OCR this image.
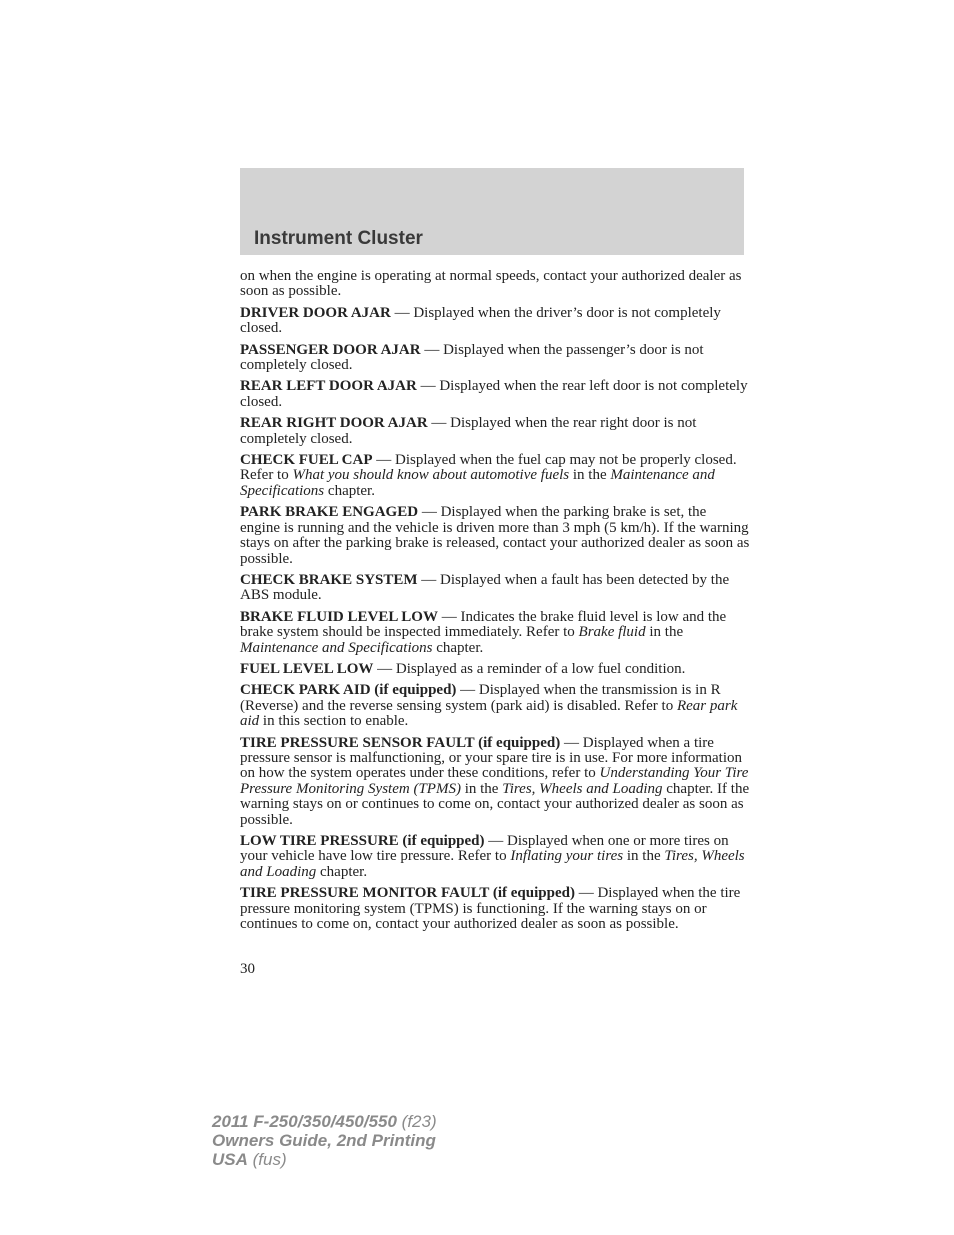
Instrument Cluster

on when the engine is operating at normal speeds, contact your authorized dealer as soon as possible.

DRIVER DOOR AJAR — Displayed when the driver’s door is not completely closed.

PASSENGER DOOR AJAR — Displayed when the passenger’s door is not completely closed.

REAR LEFT DOOR AJAR — Displayed when the rear left door is not completely closed.

REAR RIGHT DOOR AJAR — Displayed when the rear right door is not completely closed.

CHECK FUEL CAP — Displayed when the fuel cap may not be properly closed. Refer to What you should know about automotive fuels in the Maintenance and Specifications chapter.

PARK BRAKE ENGAGED — Displayed when the parking brake is set, the engine is running and the vehicle is driven more than 3 mph (5 km/h). If the warning stays on after the parking brake is released, contact your authorized dealer as soon as possible.

CHECK BRAKE SYSTEM — Displayed when a fault has been detected by the ABS module.

BRAKE FLUID LEVEL LOW — Indicates the brake fluid level is low and the brake system should be inspected immediately. Refer to Brake fluid in the Maintenance and Specifications chapter.

FUEL LEVEL LOW — Displayed as a reminder of a low fuel condition.

CHECK PARK AID (if equipped) — Displayed when the transmission is in R (Reverse) and the reverse sensing system (park aid) is disabled. Refer to Rear park aid in this section to enable.

TIRE PRESSURE SENSOR FAULT (if equipped) — Displayed when a tire pressure sensor is malfunctioning, or your spare tire is in use. For more information on how the system operates under these conditions, refer to Understanding Your Tire Pressure Monitoring System (TPMS) in the Tires, Wheels and Loading chapter. If the warning stays on or continues to come on, contact your authorized dealer as soon as possible.

LOW TIRE PRESSURE (if equipped) — Displayed when one or more tires on your vehicle have low tire pressure. Refer to Inflating your tires in the Tires, Wheels and Loading chapter.

TIRE PRESSURE MONITOR FAULT (if equipped) — Displayed when the tire pressure monitoring system (TPMS) is functioning. If the warning stays on or continues to come on, contact your authorized dealer as soon as possible.

30
2011 F-250/350/450/550 (f23)
Owners Guide, 2nd Printing
USA (fus)
